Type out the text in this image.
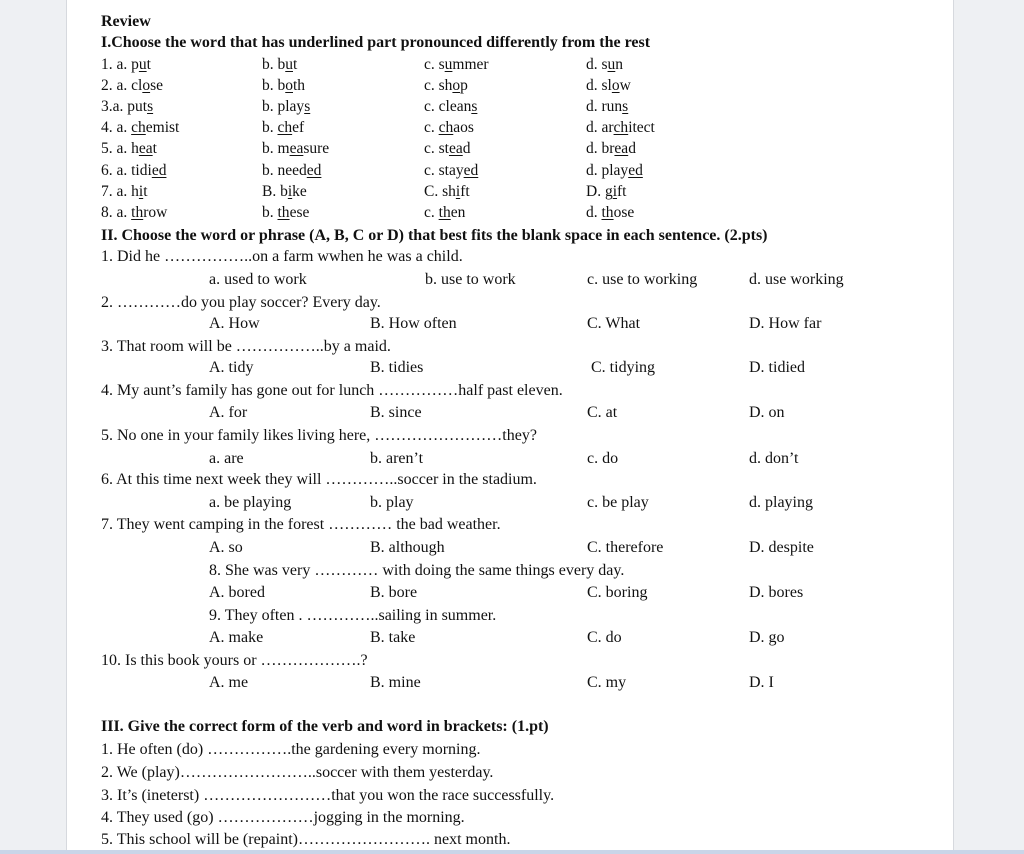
Review
I.Choose the word that has underlined part pronounced differently from the rest
1. a. put	b. but	c. summer	d. sun
2. a. close	b. both	c. shop	d. slow
3.a. puts	b. plays	c. cleans	d. runs
4. a. chemist	b. chef	c. chaos	d. architect
5. a. heat	b. measure	c. stead	d. bread
6. a. tidied	b. needed	c. stayed	d. played
7. a. hit	B. bike	C. shift	D. gift
8. a. throw	b. these	c. then	d. those
II. Choose the word or phrase (A, B, C or D) that best fits the blank space in each sentence. (2.pts)
1. Did he ……………..on a farm wwhen he was a child.
a. used to work	b. use to work	c. use to working	d. use working
2. …………do you play soccer? Every day.
A. How	B. How often	C. What	D. How far
3. That room will be ……………..by a maid.
A. tidy	B. tidies	C. tidying	D. tidied
4. My aunt’s family has gone out for lunch ……………half past eleven.
A. for	B. since	C. at	D. on
5. No one in your family likes living here, ……………………they?
a. are	b. aren’t	c. do	d. don’t
6. At this time next week they will …………..soccer in the stadium.
a. be playing	b. play	c. be play	d. playing
7. They went camping in the forest ………… the bad weather.
A. so	B. although	C. therefore	D. despite
8. She was very ………… with doing the same things every day.
A. bored	B. bore	C. boring	D. bores
9. They often . …………..sailing in summer.
A. make	B. take	C. do	D. go
10. Is this book yours or ……………….?
A. me	B. mine	C. my	D. I
III. Give the correct form of the verb and word in brackets: (1.pt)
1. He often (do) …………….the gardening every morning.
2. We (play)……………………..soccer with them yesterday.
3. It’s (ineterst) ……………………that you won the race successfully.
4. They used (go) ………………jogging in the morning.
5. This school will be (repaint)……………………. next month.
